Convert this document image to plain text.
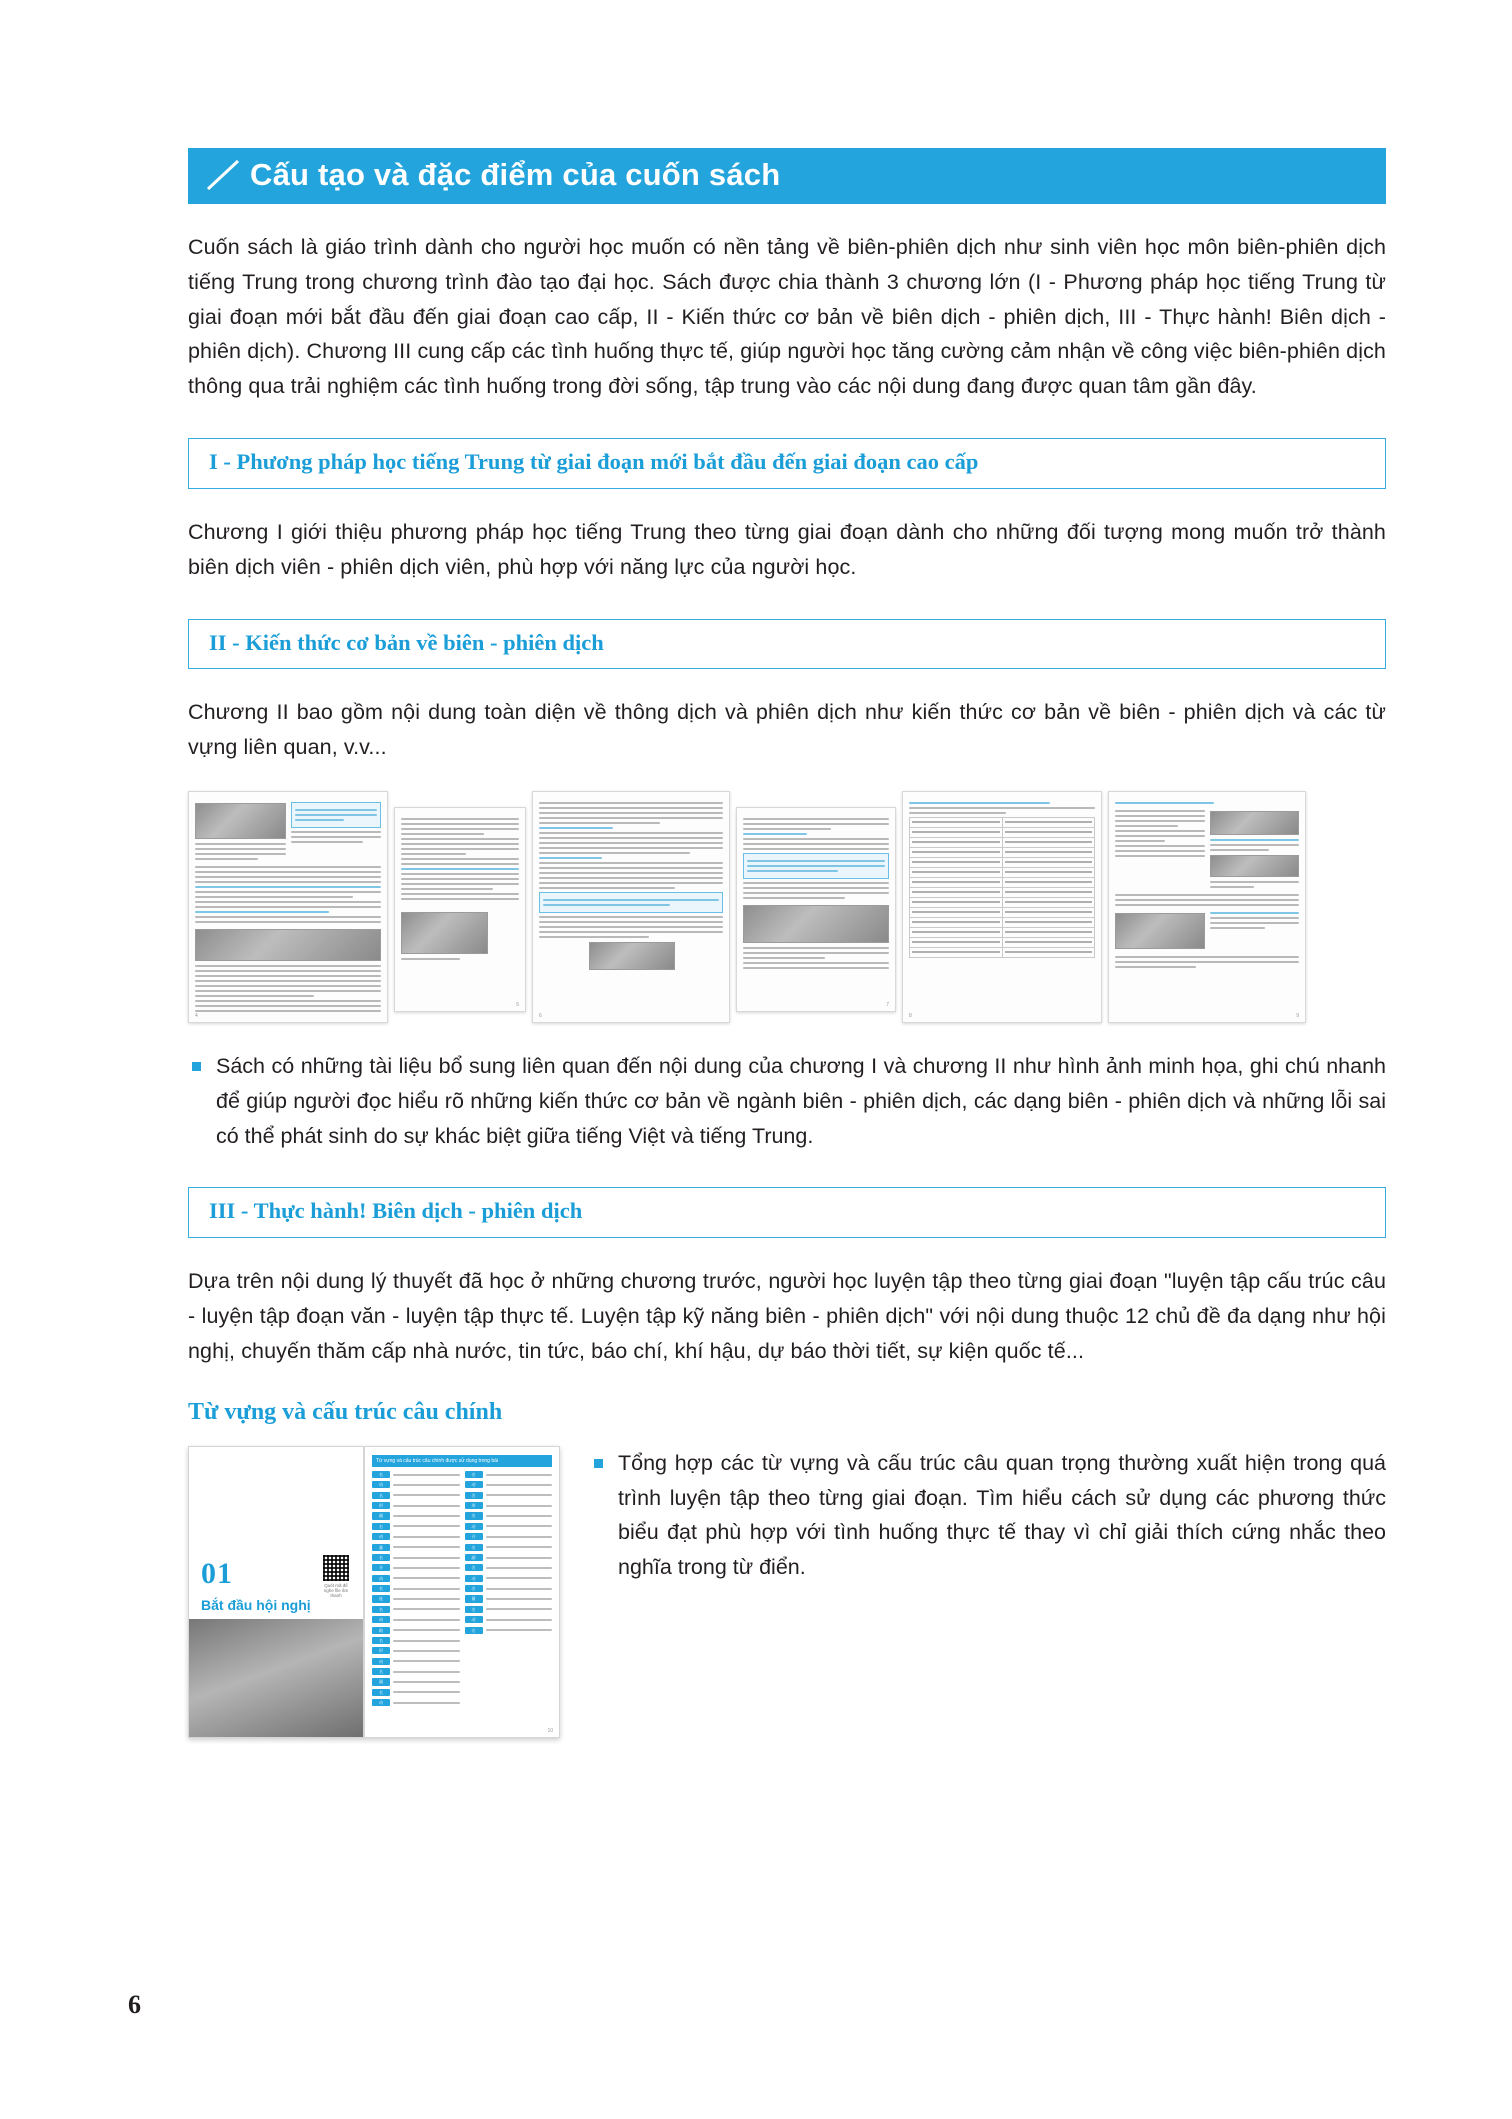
Cấu tạo và đặc điểm của cuốn sách

Cuốn sách là giáo trình dành cho người học muốn có nền tảng về biên-phiên dịch như sinh viên học môn biên-phiên dịch tiếng Trung trong chương trình đào tạo đại học. Sách được chia thành 3 chương lớn (I - Phương pháp học tiếng Trung từ giai đoạn mới bắt đầu đến giai đoạn cao cấp, II - Kiến thức cơ bản về biên dịch - phiên dịch, III - Thực hành! Biên dịch - phiên dịch). Chương III cung cấp các tình huống thực tế, giúp người học tăng cường cảm nhận về công việc biên-phiên dịch thông qua trải nghiệm các tình huống trong đời sống, tập trung vào các nội dung đang được quan tâm gần đây.

I - Phương pháp học tiếng Trung từ giai đoạn mới bắt đầu đến giai đoạn cao cấp

Chương I giới thiệu phương pháp học tiếng Trung theo từng giai đoạn dành cho những đối tượng mong muốn trở thành biên dịch viên - phiên dịch viên, phù hợp với năng lực của người học.

II - Kiến thức cơ bản về biên - phiên dịch

Chương II bao gồm nội dung toàn diện về thông dịch và phiên dịch như kiến thức cơ bản về biên - phiên dịch và các từ vựng liên quan, v.v...

4
5
6
7

8	9
Sách có những tài liệu bổ sung liên quan đến nội dung của chương I và chương II như hình ảnh minh họa, ghi chú nhanh để giúp người đọc hiểu rõ những kiến thức cơ bản về ngành biên - phiên dịch, các dạng biên - phiên dịch và những lỗi sai có thể phát sinh do sự khác biệt giữa tiếng Việt và tiếng Trung.
III - Thực hành! Biên dịch - phiên dịch

Dựa trên nội dung lý thuyết đã học ở những chương trước, người học luyện tập theo từng giai đoạn "luyện tập cấu trúc câu - luyện tập đoạn văn - luyện tập thực tế. Luyện tập kỹ năng biên - phiên dịch" với nội dung thuộc 12 chủ đề đa dạng như hội nghị, chuyến thăm cấp nhà nước, tin tức, báo chí, khí hậu, dự báo thời tiết, sự kiện quốc tế...

Từ vựng và cấu trúc câu chính
Quét mã để nghe file âm thanh
01
Bắt đầu hội nghị
Từ vựng và cấu trúc câu chính được sử dụng trong bài
名
动
名
形
副
名
动
量
名
介
动
名
连
名
动
助
名
形
动
名
副
名
动
名
动
名
形
名
动
介
名
副
名
动
名
量
名
动
名
10
Tổng hợp các từ vựng và cấu trúc câu quan trọng thường xuất hiện trong quá trình luyện tập theo từng giai đoạn. Tìm hiểu cách sử dụng các phương thức biểu đạt phù hợp với tình huống thực tế thay vì chỉ giải thích cứng nhắc theo nghĩa trong từ điển.
6
